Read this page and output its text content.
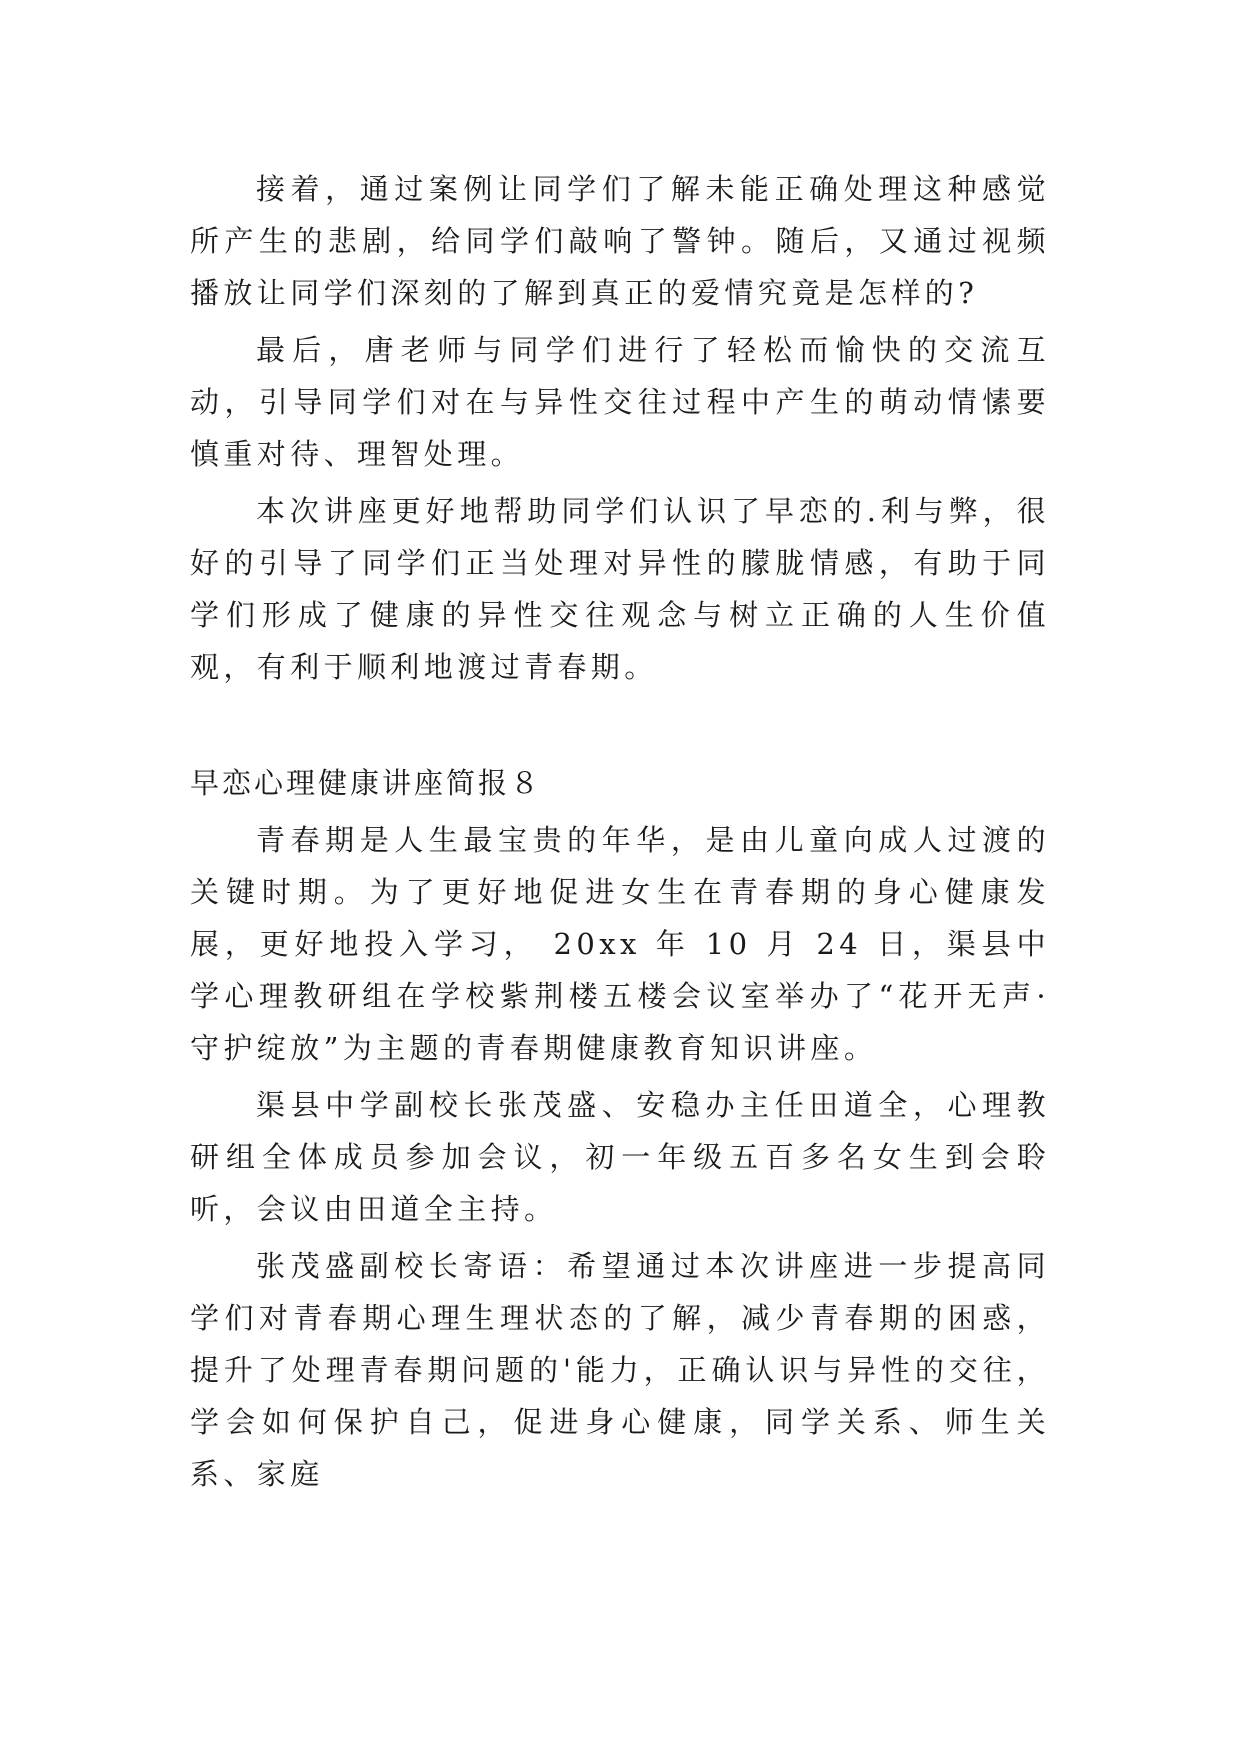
接着，通过案例让同学们了解未能正确处理这种感觉所产生的悲剧，给同学们敲响了警钟。随后，又通过视频播放让同学们深刻的了解到真正的爱情究竟是怎样的?

最后，唐老师与同学们进行了轻松而愉快的交流互动，引导同学们对在与异性交往过程中产生的萌动情愫要慎重对待、理智处理。

本次讲座更好地帮助同学们认识了早恋的.利与弊，很好的引导了同学们正当处理对异性的朦胧情感，有助于同学们形成了健康的异性交往观念与树立正确的人生价值观，有利于顺利地渡过青春期。

早恋心理健康讲座简报８

青春期是人生最宝贵的年华，是由儿童向成人过渡的关键时期。为了更好地促进女生在青春期的身心健康发展，更好地投入学习， 20xx 年 10 月 24 日，渠县中学心理教研组在学校紫荆楼五楼会议室举办了“花开无声·守护绽放”为主题的青春期健康教育知识讲座。

渠县中学副校长张茂盛、安稳办主任田道全，心理教研组全体成员参加会议，初一年级五百多名女生到会聆听，会议由田道全主持。

张茂盛副校长寄语：希望通过本次讲座进一步提高同学们对青春期心理生理状态的了解，减少青春期的困惑，提升了处理青春期问题的'能力，正确认识与异性的交往，学会如何保护自己，促进身心健康，同学关系、师生关系、家庭
